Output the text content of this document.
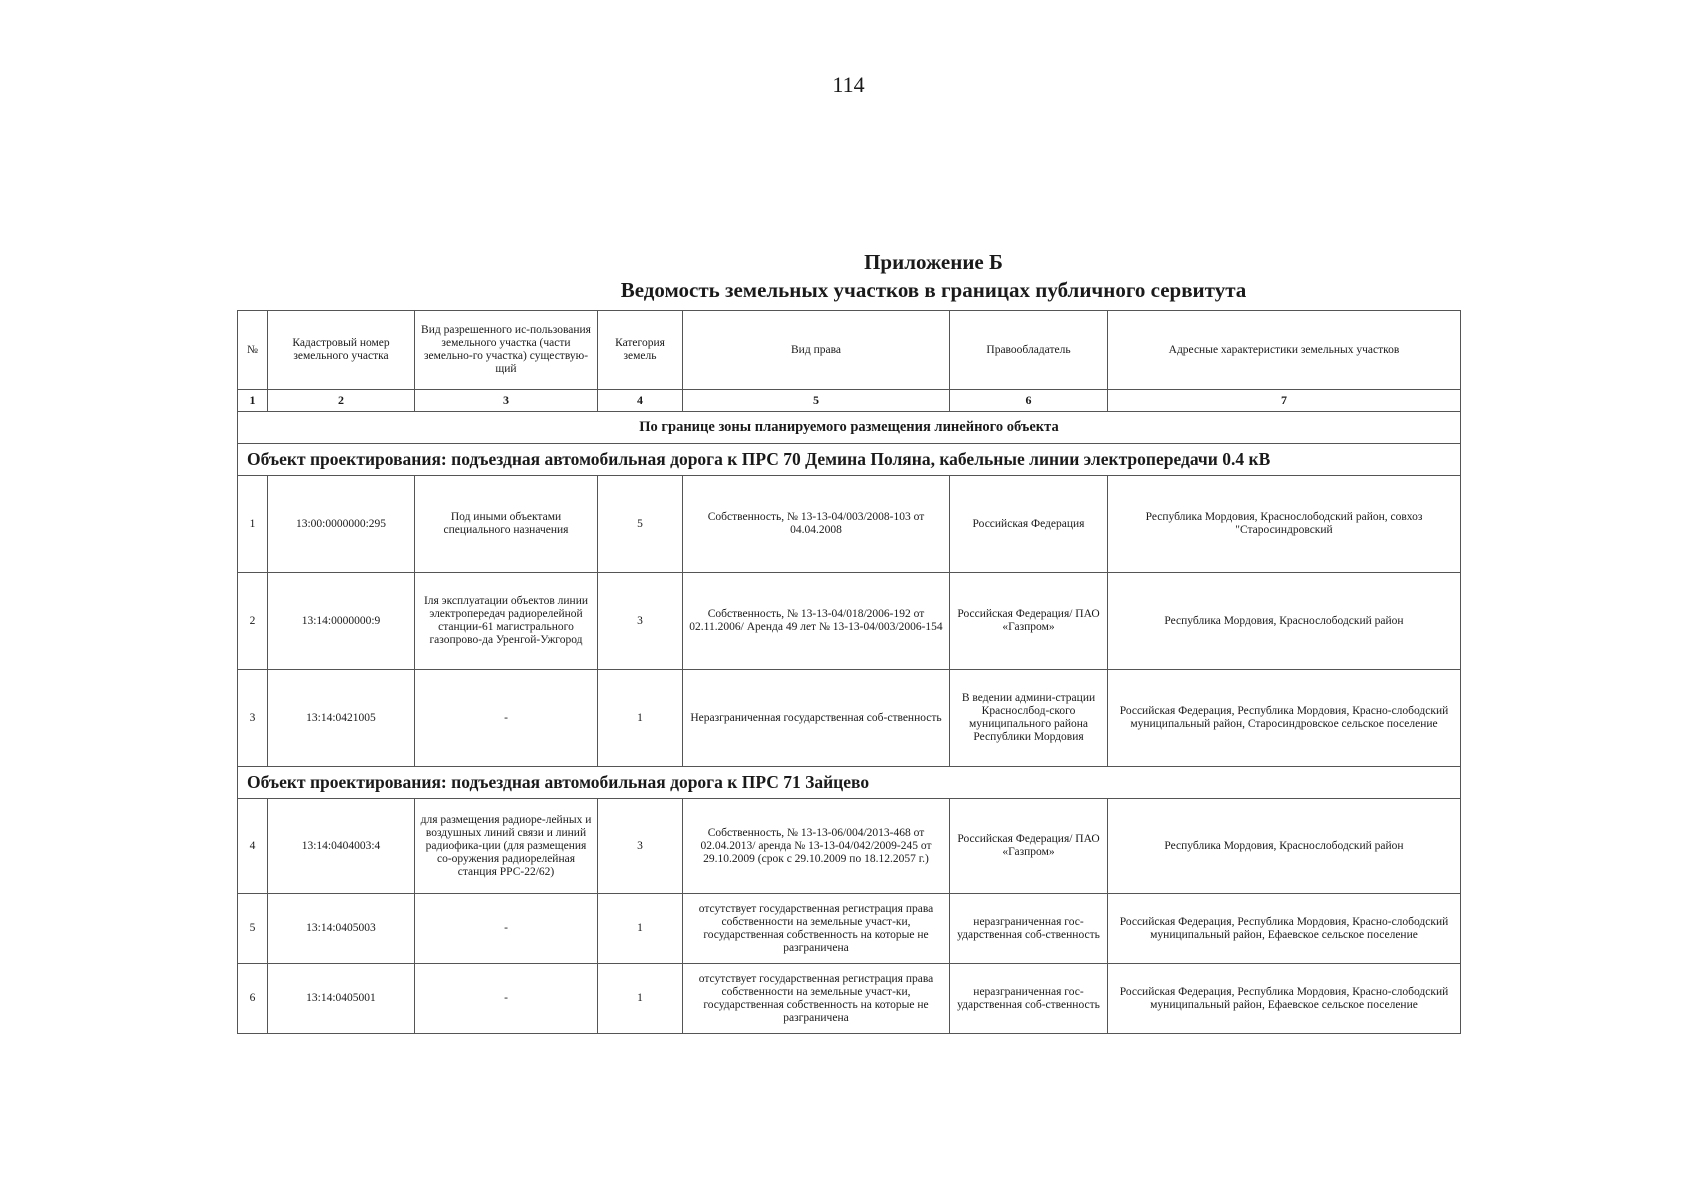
114
Приложение Б
Ведомость земельных участков в границах публичного сервитута
№	Кадастровый номер земельного участка	Вид разрешенного ис-пользования земельного участка (части земельно-го участка) существую-щий	Категория земель	Вид права	Правообладатель	Адресные характеристики земельных участков
1	2	3	4	5	6	7
По границе зоны планируемого размещения линейного объекта						
Объект проектирования: подъездная автомобильная дорога к ПРС 70 Демина Поляна, кабельные линии электропередачи 0.4 кВ						
1	13:00:0000000:295	Под иными объектами специального назначения	5	Собственность, № 13-13-04/003/2008-103 от 04.04.2008	Российская Федерация	Республика Мордовия, Краснослободский район, совхоз "Старосиндровский
2	13:14:0000000:9	Iля эксплуатации объектов линии электропередач радиорелейной станции-61 магистрального газопрово-да Уренгой-Ужгород	3	Собственность, № 13-13-04/018/2006-192 от 02.11.2006/ Аренда 49 лет № 13-13-04/003/2006-154	Российская Федерация/ ПАО «Газпром»	Республика Мордовия, Краснослободский район
3	13:14:0421005	-	1	Неразграниченная государственная соб-ственность	В ведении админи-страции Краснослбод-ского муниципального района Республики Мордовия	Российская Федерация, Республика Мордовия, Красно-слободский муниципальный район, Старосиндровское сельское поселение
Объект проектирования: подъездная автомобильная дорога к ПРС 71 Зайцево						
4	13:14:0404003:4	для размещения радиоре-лейных и воздушных линий связи и линий радиофика-ции (для размещения со-оружения радиорелейная станция РРС-22/62)	3	Собственность, № 13-13-06/004/2013-468 от 02.04.2013/ аренда № 13-13-04/042/2009-245 от 29.10.2009 (срок с 29.10.2009 по 18.12.2057 г.)	Российская Федерация/ ПАО «Газпром»	Республика Мордовия, Краснослободский район
5	13:14:0405003	-	1	отсутствует государственная регистрация права собственности на земельные участ-ки, государственная собственность на которые не разграничена	неразграниченная гос-ударственная соб-ственность	Российская Федерация, Республика Мордовия, Красно-слободский муниципальный район, Ефаевское сельское поселение
6	13:14:0405001	-	1	отсутствует государственная регистрация права собственности на земельные участ-ки, государственная собственность на которые не разграничена	неразграниченная гос-ударственная соб-ственность	Российская Федерация, Республика Мордовия, Красно-слободский муниципальный район, Ефаевское сельское поселение
